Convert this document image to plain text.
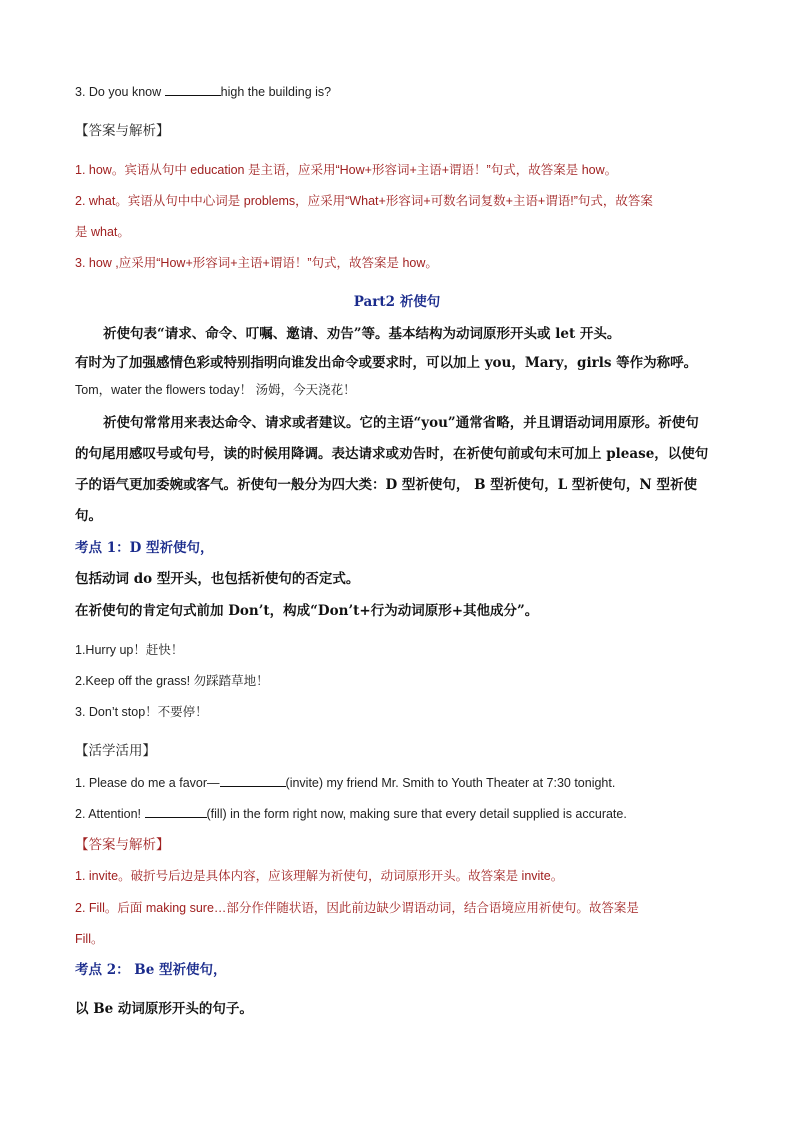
3. Do you know	high the building is?
【答案与解析】
1. how。宾语从句中 education 是主语，应采用“How+形容词+主语+谓语！”句式，故答案是 how。
2. what。宾语从句中中心词是 problems，应采用“What+形容词+可数名词复数+主语+谓语!”句式，故答案
是 what。
3. how ,应采用“How+形容词+主语+谓语！”句式，故答案是 how。
Part2 祈使句
祈使句表“请求、命令、叮嘱、邀请、劝告”等。基本结构为动词原形开头或 let 开头。
有时为了加强感情色彩或特别指明向谁发出命令或要求时，可以加上 you，Mary，girls 等作为称呼。
Tom，water the flowers today！ 汤姆，今天浇花！
祈使句常常用来表达命令、请求或者建议。它的主语“you”通常省略，并且谓语动词用原形。祈使句
的句尾用感叹号或句号，读的时候用降调。表达请求或劝告时，在祈使句前或句末可加上 please，以使句
子的语气更加委婉或客气。祈使句一般分为四大类：D 型祈使句， B 型祈使句，L 型祈使句，N 型祈使
句。
考点 1：D 型祈使句，
包括动词 do 型开头，也包括祈使句的否定式。
在祈使句的肯定句式前加 Don’t，构成“Don’t+行为动词原形+其他成分”。
1.Hurry up！赶快！
2.Keep off the grass! 勿踩踏草地！
3. Don’t stop！不要停！
【活学活用】
1. Please do me a favor—	(invite) my friend Mr. Smith to Youth Theater at 7:30 tonight.
2. Attention!	(fill) in the form right now, making sure that every detail supplied is accurate.
【答案与解析】
1. invite。破折号后边是具体内容，应该理解为祈使句，动词原形开头。故答案是 invite。
2. Fill。后面 making sure…部分作伴随状语，因此前边缺少谓语动词，结合语境应用祈使句。故答案是
Fill。
考点 2： Be 型祈使句，
以 Be 动词原形开头的句子。
